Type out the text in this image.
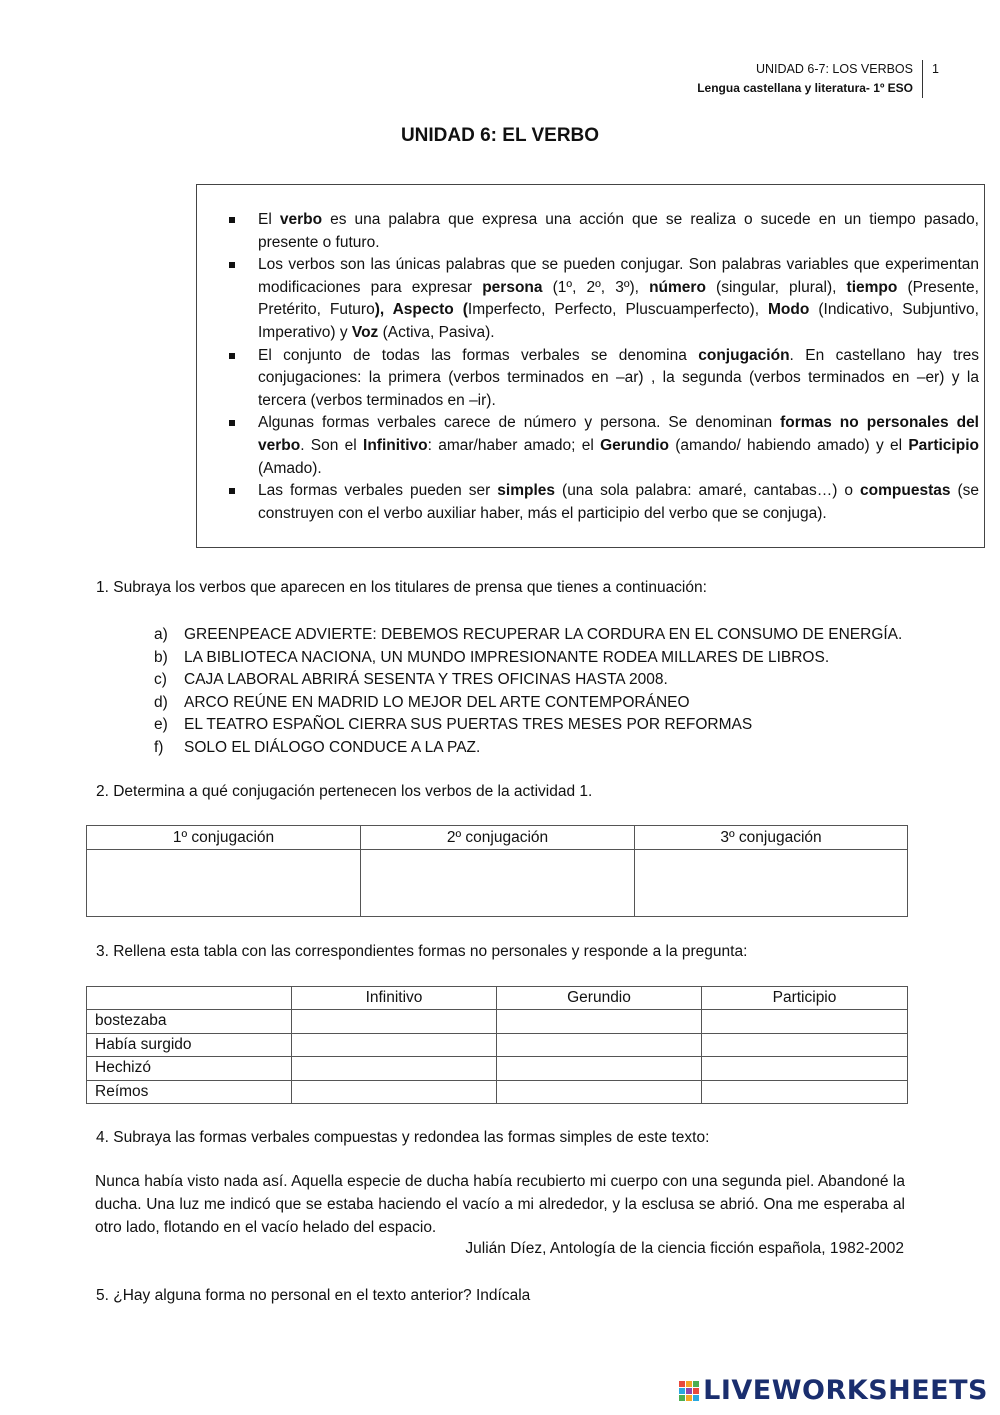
UNIDAD 6-7: LOS VERBOS
Lengua castellana y literatura- 1º ESO
1
UNIDAD 6: EL VERBO
El verbo es una palabra que expresa una acción que se realiza o sucede en un tiempo pasado, presente o futuro.
Los verbos son las únicas palabras que se pueden conjugar. Son palabras variables que experimentan modificaciones para expresar persona (1º, 2º, 3º), número (singular, plural), tiempo (Presente, Pretérito, Futuro), Aspecto (Imperfecto, Perfecto, Pluscuamperfecto), Modo (Indicativo, Subjuntivo, Imperativo) y Voz (Activa, Pasiva).
El conjunto de todas las formas verbales se denomina conjugación. En castellano hay tres conjugaciones: la primera (verbos terminados en –ar) , la segunda (verbos terminados en –er) y la tercera (verbos terminados en –ir).
Algunas formas verbales carece de número y persona. Se denominan formas no personales del verbo. Son el Infinitivo: amar/haber amado; el Gerundio (amando/ habiendo amado) y el Participio (Amado).
Las formas verbales pueden ser simples (una sola palabra: amaré, cantabas…) o compuestas (se construyen con el verbo auxiliar haber, más el participio del verbo que se conjuga).
1. Subraya los verbos que aparecen en los titulares de prensa que tienes a continuación:
a) GREENPEACE ADVIERTE: DEBEMOS RECUPERAR LA CORDURA EN EL CONSUMO DE ENERGÍA.
b) LA BIBLIOTECA NACIONA, UN MUNDO IMPRESIONANTE RODEA MILLARES DE LIBROS.
c) CAJA LABORAL ABRIRÁ SESENTA Y TRES OFICINAS HASTA 2008.
d) ARCO REÚNE EN MADRID LO MEJOR DEL ARTE CONTEMPORÁNEO
e) EL TEATRO ESPAÑOL CIERRA SUS PUERTAS TRES MESES POR REFORMAS
f) SOLO EL DIÁLOGO CONDUCE A LA PAZ.
2. Determina a qué conjugación pertenecen los verbos de la actividad 1.
1º conjugación	2º conjugación	3º conjugación

3. Rellena esta tabla con las correspondientes formas no personales y responde a la pregunta:
	Infinitivo	Gerundio	Participio
bostezaba			
Había surgido			
Hechizó			
Reímos			
4. Subraya las formas verbales compuestas y redondea las formas simples de este texto:
Nunca había visto nada así. Aquella especie de ducha había recubierto mi cuerpo con una segunda piel. Abandoné la ducha. Una luz me indicó que se estaba haciendo el vacío a mi alrededor, y la esclusa se abrió. Ona me esperaba al otro lado, flotando en el vacío helado del espacio.
Julián Díez, Antología de la ciencia ficción española, 1982-2002
5. ¿Hay alguna forma no personal en el texto anterior? Indícala
LIVEWORKSHEETS
